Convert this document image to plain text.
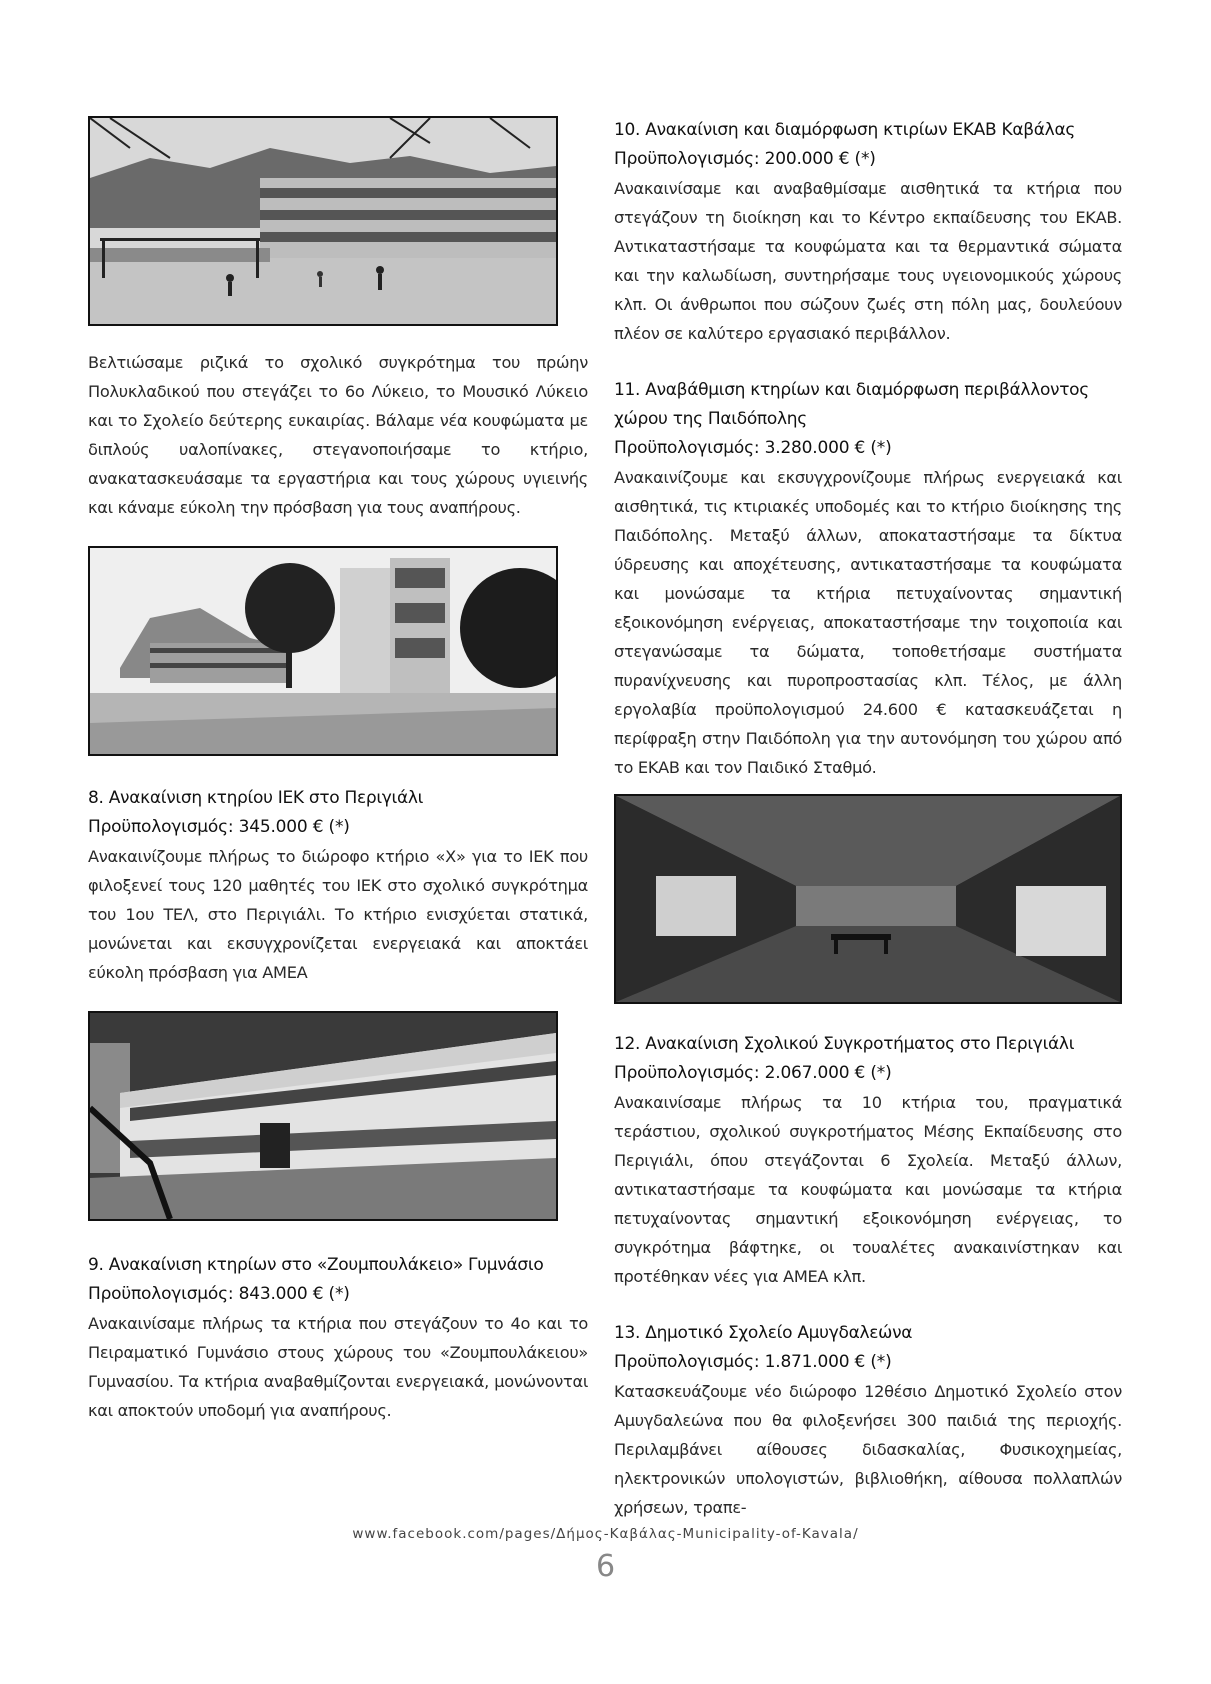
Βελτιώσαμε ριζικά το σχολικό συγκρότημα του πρώην Πολυκλαδικού που στεγάζει το 6ο Λύκειο, το Μουσικό Λύκειο και το Σχολείο δεύτερης ευκαιρίας. Βάλαμε νέα κουφώματα με διπλούς υαλοπίνακες, στεγανοποιήσαμε το κτήριο, ανακατασκευάσαμε τα εργαστήρια και τους χώρους υγιεινής και κάναμε εύκολη την πρόσβαση για τους αναπήρους.

8. Ανακαίνιση κτηρίου ΙΕΚ στο Περιγιάλι
Προϋπολογισμός: 345.000 € (*)

Ανακαινίζουμε πλήρως το διώροφο κτήριο «Χ» για το ΙΕΚ που φιλοξενεί τους 120 μαθητές του ΙΕΚ στο σχολικό συγκρότημα του 1ου ΤΕΛ, στο Περιγιάλι. Το κτήριο ενισχύεται στατικά, μονώνεται και εκσυγχρονίζεται ενεργειακά και αποκτάει εύκολη πρόσβαση για ΑΜΕΑ

9. Ανακαίνιση κτηρίων στο «Ζουμπουλάκειο» Γυμνάσιο
Προϋπολογισμός: 843.000 € (*)

Ανακαινίσαμε πλήρως τα κτήρια που στεγάζουν το 4ο και το Πειραματικό Γυμνάσιο στους χώρους του «Ζουμπουλάκειου» Γυμνασίου. Τα κτήρια αναβαθμίζονται ενεργειακά, μονώνονται και αποκτούν υποδομή για αναπήρους.

10. Ανακαίνιση και διαμόρφωση κτιρίων ΕΚΑΒ Καβάλας
Προϋπολογισμός: 200.000 € (*)

Ανακαινίσαμε και αναβαθμίσαμε αισθητικά τα κτήρια που στεγάζουν τη διοίκηση και το Κέντρο εκπαίδευσης του ΕΚΑΒ. Αντικαταστήσαμε τα κουφώματα και τα θερμαντικά σώματα και την καλωδίωση, συντηρήσαμε τους υγειονομικούς χώρους κλπ. Οι άνθρωποι που σώζουν ζωές στη πόλη μας, δουλεύουν πλέον σε καλύτερο εργασιακό περιβάλλον.

11. Αναβάθμιση κτηρίων και διαμόρφωση περιβάλλοντος χώρου της Παιδόπολης
Προϋπολογισμός: 3.280.000 € (*)

Ανακαινίζουμε και εκσυγχρονίζουμε πλήρως ενεργειακά και αισθητικά, τις κτιριακές υποδομές και το κτήριο διοίκησης της Παιδόπολης. Μεταξύ άλλων, αποκαταστήσαμε τα δίκτυα ύδρευσης και αποχέτευσης, αντικαταστήσαμε τα κουφώματα και μονώσαμε τα κτήρια πετυχαίνοντας σημαντική εξοικονόμηση ενέργειας, αποκαταστήσαμε την τοιχοποιία και στεγανώσαμε τα δώματα, τοποθετήσαμε συστήματα πυρανίχνευσης και πυροπροστασίας κλπ. Τέλος, με άλλη εργολαβία προϋπολογισμού 24.600 € κατασκευάζεται η περίφραξη στην Παιδόπολη για την αυτονόμηση του χώρου από το ΕΚΑΒ και τον Παιδικό Σταθμό.

12. Ανακαίνιση Σχολικού Συγκροτήματος στο Περιγιάλι
Προϋπολογισμός: 2.067.000 € (*)

Ανακαινίσαμε πλήρως τα 10 κτήρια του, πραγματικά τεράστιου, σχολικού συγκροτήματος Μέσης Εκπαίδευσης στο Περιγιάλι, όπου στεγάζονται 6 Σχολεία. Μεταξύ άλλων, αντικαταστήσαμε τα κουφώματα και μονώσαμε τα κτήρια πετυχαίνοντας σημαντική εξοικονόμηση ενέργειας, το συγκρότημα βάφτηκε, οι τουαλέτες ανακαινίστηκαν και προτέθηκαν νέες για ΑΜΕΑ κλπ.

13. Δημοτικό Σχολείο Αμυγδαλεώνα
Προϋπολογισμός: 1.871.000 € (*)

Κατασκευάζουμε νέο διώροφο 12θέσιο Δημοτικό Σχολείο στον Αμυγδαλεώνα που θα φιλοξενήσει 300 παιδιά της περιοχής. Περιλαμβάνει αίθουσες διδασκαλίας, Φυσικοχημείας, ηλεκτρονικών υπολογιστών, βιβλιοθήκη, αίθουσα πολλαπλών χρήσεων, τραπε-

www.facebook.com/pages/Δήμος-Καβάλας-Municipality-of-Kavala/
6
